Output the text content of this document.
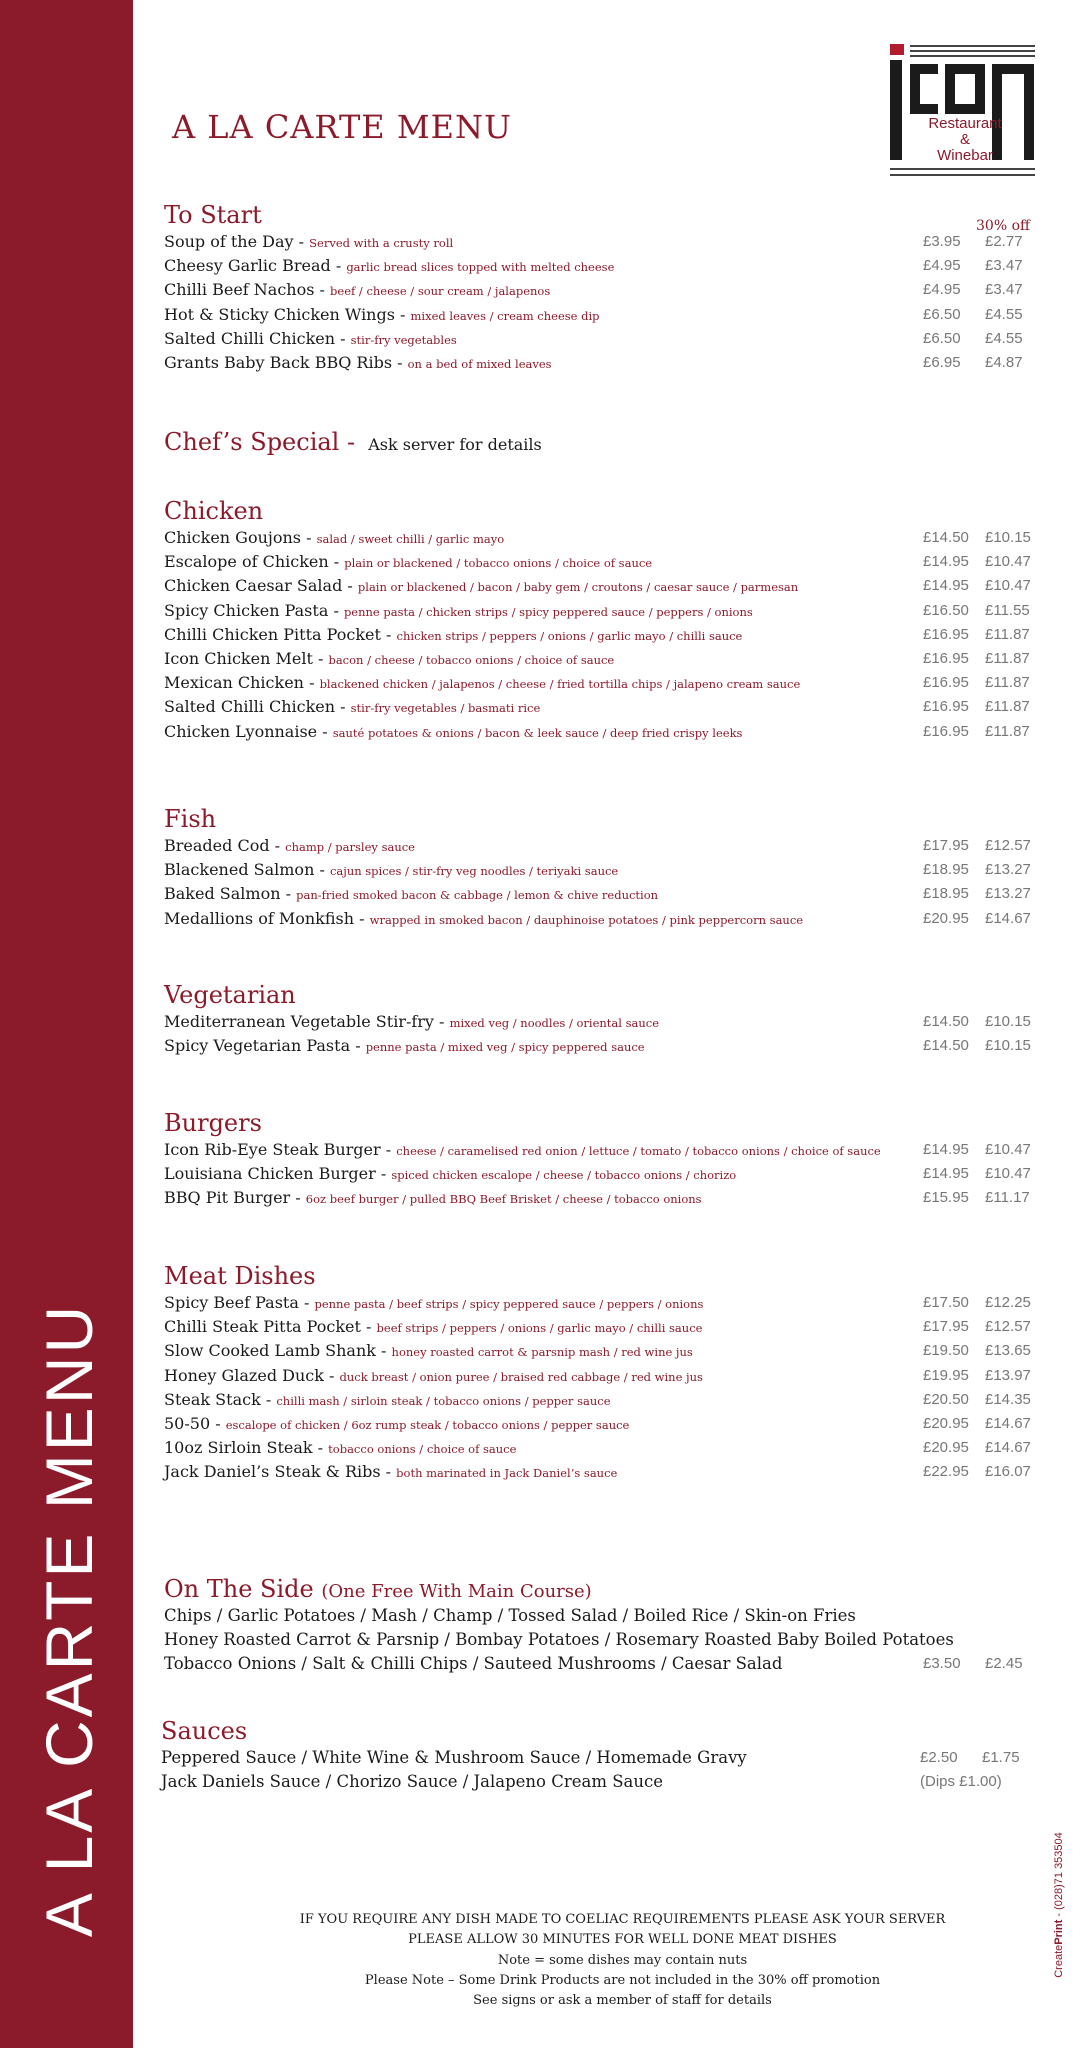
A LA CARTE MENU
A LA CARTE MENU	Restaurant
&
Winebar
30% off
Chef’s Special - Ask server for details
To Start
Soup of the Day - Served with a crusty roll	£3.95 £2.77
Cheesy Garlic Bread - garlic bread slices topped with melted cheese	£4.95 £3.47
Chilli Beef Nachos - beef / cheese / sour cream / jalapenos	£4.95 £3.47
Hot & Sticky Chicken Wings - mixed leaves / cream cheese dip	£6.50 £4.55
Salted Chilli Chicken - stir-fry vegetables	£6.50 £4.55
Grants Baby Back BBQ Ribs - on a bed of mixed leaves	£6.95 £4.87
Chicken
Chicken Goujons - salad / sweet chilli / garlic mayo	£14.50 £10.15
Escalope of Chicken - plain or blackened / tobacco onions / choice of sauce	£14.95 £10.47
Chicken Caesar Salad - plain or blackened / bacon / baby gem / croutons / caesar sauce / parmesan	£14.95 £10.47
Spicy Chicken Pasta - penne pasta / chicken strips / spicy peppered sauce / peppers / onions	£16.50 £11.55
Chilli Chicken Pitta Pocket - chicken strips / peppers / onions / garlic mayo / chilli sauce	£16.95 £11.87
Icon Chicken Melt - bacon / cheese / tobacco onions / choice of sauce	£16.95 £11.87
Mexican Chicken - blackened chicken / jalapenos / cheese / fried tortilla chips / jalapeno cream sauce	£16.95 £11.87
Salted Chilli Chicken - stir-fry vegetables / basmati rice	£16.95 £11.87
Chicken Lyonnaise - sauté potatoes & onions / bacon & leek sauce / deep fried crispy leeks	£16.95 £11.87
Fish
Breaded Cod - champ / parsley sauce	£17.95 £12.57
Blackened Salmon - cajun spices / stir-fry veg noodles / teriyaki sauce	£18.95 £13.27
Baked Salmon - pan-fried smoked bacon & cabbage / lemon & chive reduction	£18.95 £13.27
Medallions of Monkfish - wrapped in smoked bacon / dauphinoise potatoes / pink peppercorn sauce	£20.95 £14.67
Vegetarian
Mediterranean Vegetable Stir-fry - mixed veg / noodles / oriental sauce	£14.50 £10.15
Spicy Vegetarian Pasta - penne pasta / mixed veg / spicy peppered sauce	£14.50 £10.15
Burgers
Icon Rib-Eye Steak Burger - cheese / caramelised red onion / lettuce / tomato / tobacco onions / choice of sauce	£14.95 £10.47
Louisiana Chicken Burger - spiced chicken escalope / cheese / tobacco onions / chorizo	£14.95 £10.47
BBQ Pit Burger - 6oz beef burger / pulled BBQ Beef Brisket / cheese / tobacco onions	£15.95 £11.17
Meat Dishes
Spicy Beef Pasta - penne pasta / beef strips / spicy peppered sauce / peppers / onions	£17.50 £12.25
Chilli Steak Pitta Pocket - beef strips / peppers / onions / garlic mayo / chilli sauce	£17.95 £12.57
Slow Cooked Lamb Shank - honey roasted carrot & parsnip mash / red wine jus	£19.50 £13.65
Honey Glazed Duck - duck breast / onion puree / braised red cabbage / red wine jus	£19.95 £13.97
Steak Stack - chilli mash / sirloin steak / tobacco onions / pepper sauce	£20.50 £14.35
50-50 - escalope of chicken / 6oz rump steak / tobacco onions / pepper sauce	£20.95 £14.67
10oz Sirloin Steak - tobacco onions / choice of sauce	£20.95 £14.67
Jack Daniel’s Steak & Ribs - both marinated in Jack Daniel’s sauce	£22.95 £16.07
On The Side (One Free With Main Course)
Chips / Garlic Potatoes / Mash / Champ / Tossed Salad / Boiled Rice / Skin-on Fries
Honey Roasted Carrot & Parsnip / Bombay Potatoes / Rosemary Roasted Baby Boiled Potatoes
Tobacco Onions / Salt & Chilli Chips / Sauteed Mushrooms / Caesar Salad	£3.50 £2.45
Sauces
Peppered Sauce / White Wine & Mushroom Sauce / Homemade Gravy	£2.50 £1.75
Jack Daniels Sauce / Chorizo Sauce / Jalapeno Cream Sauce	(Dips £1.00)
IF YOU REQUIRE ANY DISH MADE TO COELIAC REQUIREMENTS PLEASE ASK YOUR SERVER
PLEASE ALLOW 30 MINUTES FOR WELL DONE MEAT DISHES
Note = some dishes may contain nuts
Please Note – Some Drink Products are not included in the 30% off promotion
See signs or ask a member of staff for details
CreatePrint - (028)71 353504
